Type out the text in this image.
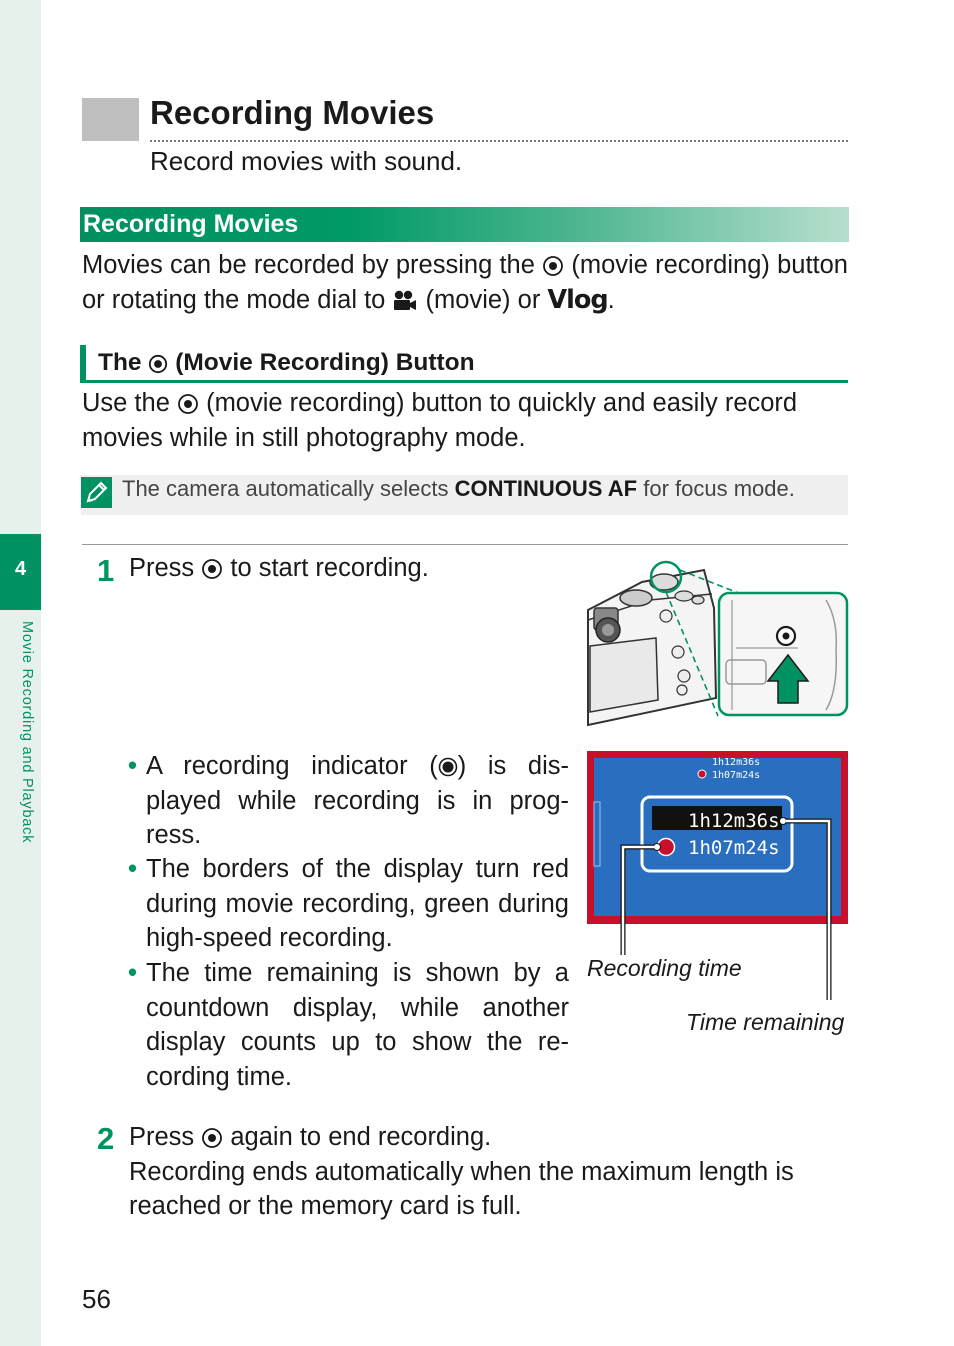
4
Movie Recording and Playback
Recording Movies
Record movies with sound.
Recording Movies
Movies can be recorded by pressing the (movie recording) button or rotating the mode dial to (movie) or Vlog.
The (Movie Recording) Button
Use the (movie recording) button to quickly and easily record movies while in still photography mode.
The camera automatically selects CONTINUOUS AF for focus mode.
1 Press to start recording.
• A recording indicator ( ) is dis-played while recording is in prog-ress.
• The borders of the display turn red during movie recording, green during high-speed recording.
• The time remaining is shown by a countdown display, while another display counts up to show the re-cording time.
1h12m36s
1h07m24s
1h12m36s
1h07m24s
Recording time
Time remaining
2 Press again to end recording.
Recording ends automatically when the maximum length is reached or the memory card is full.
56
